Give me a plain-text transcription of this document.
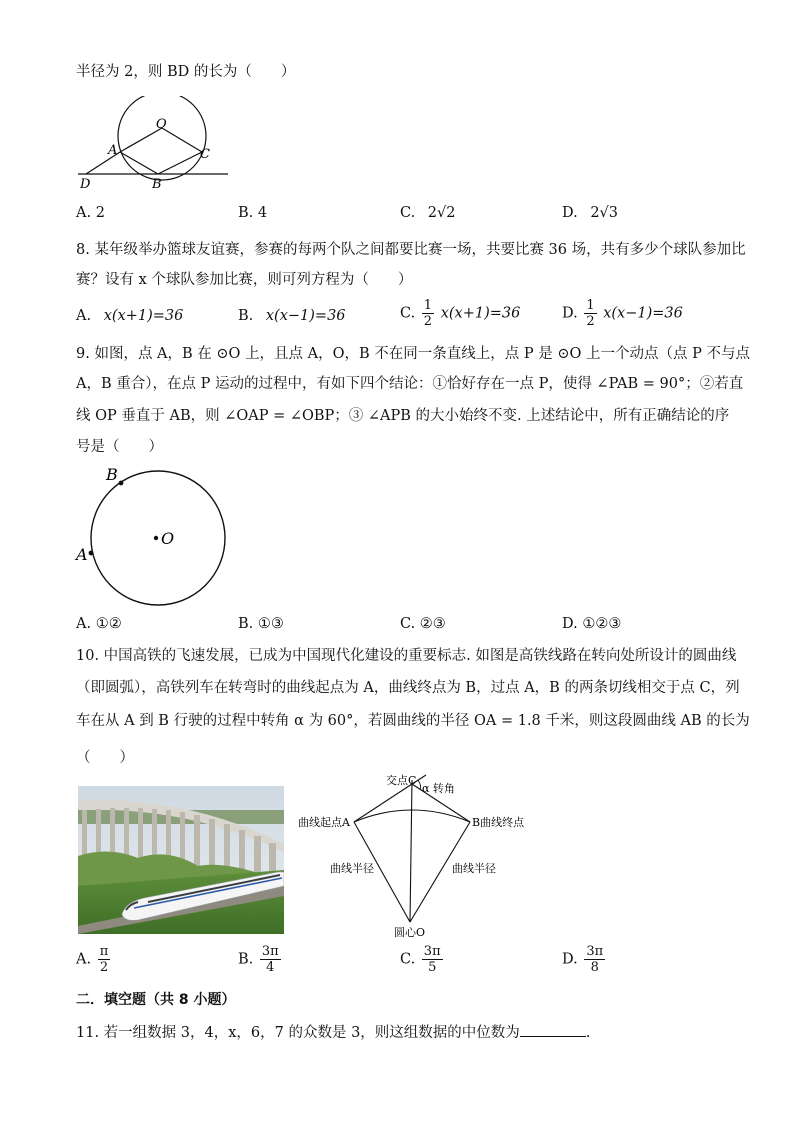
半径为 2，则 BD 的长为（　　）
O
A	C
D	B
A. 2	B. 4	C. 2√2	D. 2√3
8. 某年级举办篮球友谊赛，参赛的每两个队之间都要比赛一场，共要比赛 36 场，共有多少个球队参加比
赛？设有 x 个球队参加比赛，则可列方程为（　　）
A. x(x+1)=36	B. x(x−1)=36	C. $\frac{1}{2} x(x+1)=36$	D. $\frac{1}{2} x(x-1)=36$
9. 如图，点 A，B 在 ⊙O 上，且点 A，O，B 不在同一条直线上，点 P 是 ⊙O 上一个动点（点 P 不与点
A，B 重合），在点 P 运动的过程中，有如下四个结论：①恰好存在一点 P，使得 ∠PAB = 90°；②若直
线 OP 垂直于 AB，则 ∠OAP = ∠OBP；③ ∠APB 的大小始终不变. 上述结论中，所有正确结论的序
号是（　　）
B
O
A
A. ①②	B. ①③	C. ②③	D. ①②③
10. 中国高铁的飞速发展，已成为中国现代化建设的重要标志. 如图是高铁线路在转向处所设计的圆曲线
（即圆弧），高铁列车在转弯时的曲线起点为 A，曲线终点为 B，过点 A，B 的两条切线相交于点 C，列
车在从 A 到 B 行驶的过程中转角 α 为 60°，若圆曲线的半径 OA = 1.8 千米，则这段圆曲线 AB 的长为
（　　）
交点C
α 转角
曲线起点A	B曲线终点
曲线半径	曲线半径
圆心O
A. $\frac{\pi}{2}$	B. $\frac{3\pi}{4}$	C. $\frac{3\pi}{5}$	D. $\frac{3\pi}{8}$
二．填空题（共 8 小题）
11. 若一组数据 3，4，x，6，7 的众数是 3，则这组数据的中位数为	.
